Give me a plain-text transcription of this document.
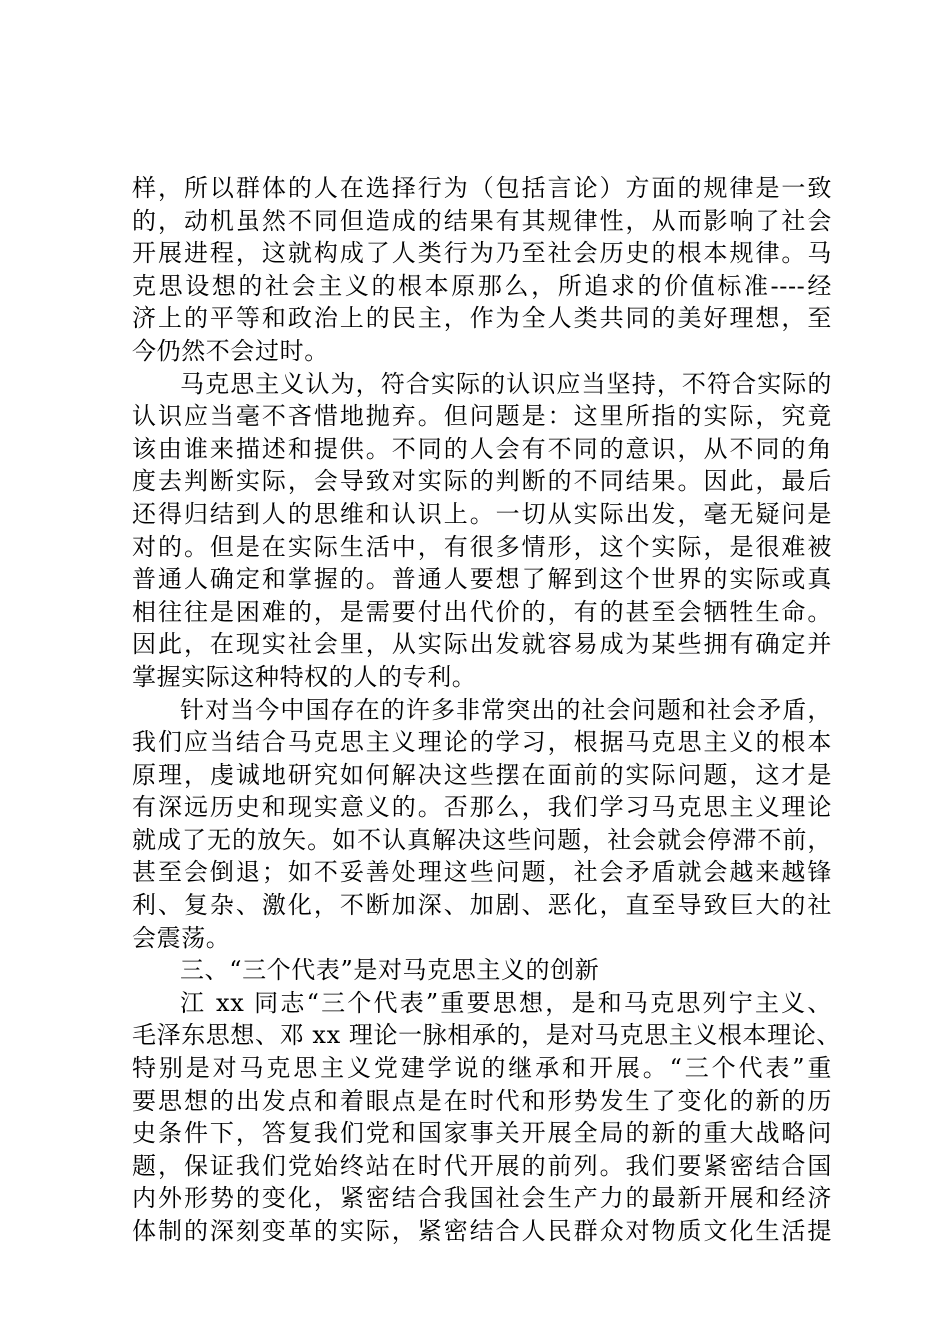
样，所以群体的人在选择行为（包括言论）方面的规律是一致
的，动机虽然不同但造成的结果有其规律性，从而影响了社会
开展进程，这就构成了人类行为乃至社会历史的根本规律。马
克思设想的社会主义的根本原那么，所追求的价值标准----经
济上的平等和政治上的民主，作为全人类共同的美好理想，至
今仍然不会过时。
马克思主义认为，符合实际的认识应当坚持，不符合实际的
认识应当毫不吝惜地抛弃。但问题是：这里所指的实际，究竟
该由谁来描述和提供。不同的人会有不同的意识，从不同的角
度去判断实际，会导致对实际的判断的不同结果。因此，最后
还得归结到人的思维和认识上。一切从实际出发，毫无疑问是
对的。但是在实际生活中，有很多情形，这个实际，是很难被
普通人确定和掌握的。普通人要想了解到这个世界的实际或真
相往往是困难的，是需要付出代价的，有的甚至会牺牲生命。
因此，在现实社会里，从实际出发就容易成为某些拥有确定并
掌握实际这种特权的人的专利。
针对当今中国存在的许多非常突出的社会问题和社会矛盾，
我们应当结合马克思主义理论的学习，根据马克思主义的根本
原理，虔诚地研究如何解决这些摆在面前的实际问题，这才是
有深远历史和现实意义的。否那么，我们学习马克思主义理论
就成了无的放矢。如不认真解决这些问题，社会就会停滞不前，
甚至会倒退；如不妥善处理这些问题，社会矛盾就会越来越锋
利、复杂、激化，不断加深、加剧、恶化，直至导致巨大的社
会震荡。
三、“三个代表”是对马克思主义的创新
江 xx 同志“三个代表”重要思想，是和马克思列宁主义、
毛泽东思想、邓 xx 理论一脉相承的，是对马克思主义根本理论、
特别是对马克思主义党建学说的继承和开展。“三个代表”重
要思想的出发点和着眼点是在时代和形势发生了变化的新的历
史条件下，答复我们党和国家事关开展全局的新的重大战略问
题，保证我们党始终站在时代开展的前列。我们要紧密结合国
内外形势的变化，紧密结合我国社会生产力的最新开展和经济
体制的深刻变革的实际，紧密结合人民群众对物质文化生活提
